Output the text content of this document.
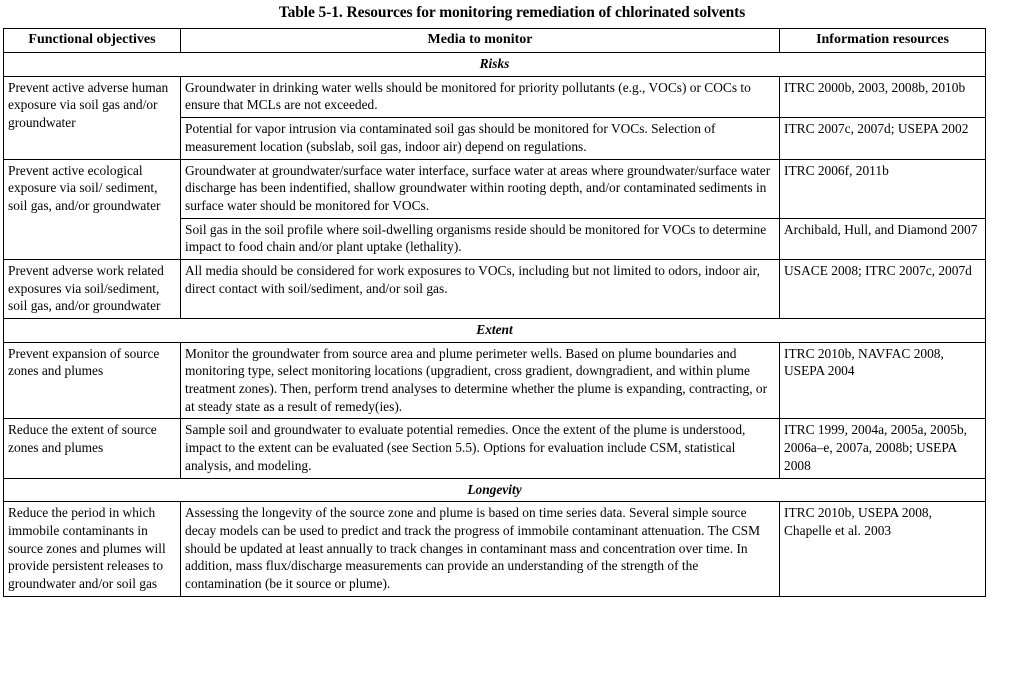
Table 5-1. Resources for monitoring remediation of chlorinated solvents
Functional objectives	Media to monitor	Information resources
Risks		
Prevent active adverse human exposure via soil gas and/or groundwater	Groundwater in drinking water wells should be monitored for priority pollutants (e.g., VOCs) or COCs to ensure that MCLs are not exceeded.	ITRC 2000b, 2003, 2008b, 2010b
	Potential for vapor intrusion via contaminated soil gas should be monitored for VOCs. Selection of measurement location (subslab, soil gas, indoor air) depend on regulations.	ITRC 2007c, 2007d; USEPA 2002
Prevent active ecological exposure via soil/ sediment, soil gas, and/or groundwater	Groundwater at groundwater/surface water interface, surface water at areas where groundwater/surface water discharge has been indentified, shallow groundwater within rooting depth, and/or contaminated sediments in surface water should be monitored for VOCs.	ITRC 2006f, 2011b
	Soil gas in the soil profile where soil-dwelling organisms reside should be monitored for VOCs to determine impact to food chain and/or plant uptake (lethality).	Archibald, Hull, and Diamond 2007
Prevent adverse work related exposures via soil/sediment, soil gas, and/or groundwater	All media should be considered for work exposures to VOCs, including but not limited to odors, indoor air, direct contact with soil/sediment, and/or soil gas.	USACE 2008; ITRC 2007c, 2007d
Extent		
Prevent expansion of source zones and plumes	Monitor the groundwater from source area and plume perimeter wells. Based on plume boundaries and monitoring type, select monitoring locations (upgradient, cross gradient, downgradient, and within plume treatment zones). Then, perform trend analyses to determine whether the plume is expanding, contracting, or at steady state as a result of remedy(ies).	ITRC 2010b, NAVFAC 2008, USEPA 2004
Reduce the extent of source zones and plumes	Sample soil and groundwater to evaluate potential remedies. Once the extent of the plume is understood, impact to the extent can be evaluated (see Section 5.5). Options for evaluation include CSM, statistical analysis, and modeling.	ITRC 1999, 2004a, 2005a, 2005b, 2006a–e, 2007a, 2008b; USEPA 2008
Longevity		
Reduce the period in which immobile contaminants in source zones and plumes will provide persistent releases to groundwater and/or soil gas	Assessing the longevity of the source zone and plume is based on time series data. Several simple source decay models can be used to predict and track the progress of immobile contaminant attenuation. The CSM should be updated at least annually to track changes in contaminant mass and concentration over time. In addition, mass flux/discharge measurements can provide an understanding of the strength of the contamination (be it source or plume).	ITRC 2010b, USEPA 2008, Chapelle et al. 2003
